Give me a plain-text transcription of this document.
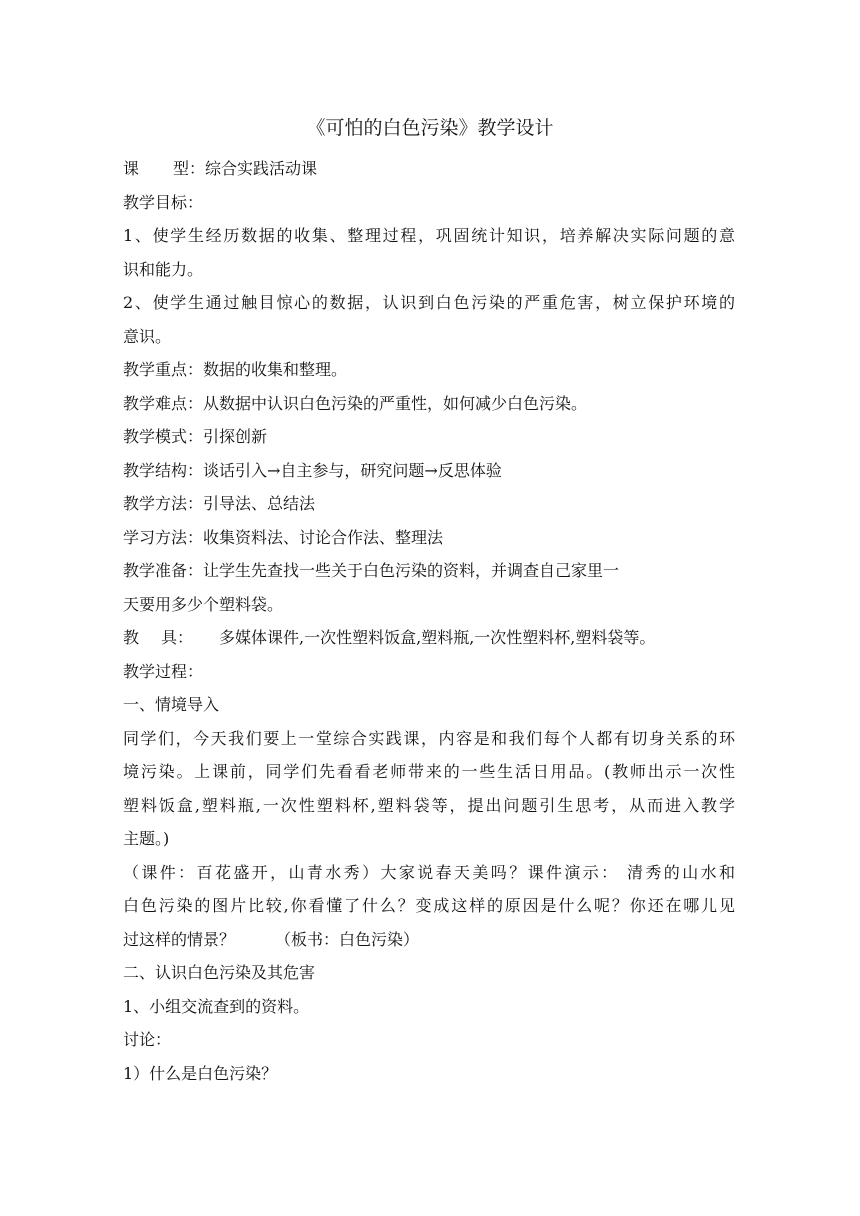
《可怕的白色污染》教学设计
课 型：综合实践活动课
教学目标：
1、使学生经历数据的收集、整理过程，巩固统计知识，培养解决实际问题的意
识和能力。
2、使学生通过触目惊心的数据，认识到白色污染的严重危害，树立保护环境的
意识。
教学重点：数据的收集和整理。
教学难点：从数据中认识白色污染的严重性，如何减少白色污染。
教学模式：引探创新
教学结构：谈话引入→自主参与，研究问题→反思体验
教学方法：引导法、总结法
学习方法：收集资料法、讨论合作法、整理法
教学准备：让学生先查找一些关于白色污染的资料，并调查自己家里一
天要用多少个塑料袋。
教 具： 多媒体课件,一次性塑料饭盒,塑料瓶,一次性塑料杯,塑料袋等。
教学过程：
一、情境导入
同学们，今天我们要上一堂综合实践课，内容是和我们每个人都有切身关系的环
境污染。上课前，同学们先看看老师带来的一些生活日用品。(教师出示一次性
塑料饭盒,塑料瓶,一次性塑料杯,塑料袋等，提出问题引生思考，从而进入教学
主题。)
（课件：百花盛开，山青水秀）大家说春天美吗？课件演示： 清秀的山水和
白色污染的图片比较,你看懂了什么？变成这样的原因是什么呢？你还在哪儿见
过这样的情景？	（板书：白色污染）
二、认识白色污染及其危害
1、小组交流查到的资料。
讨论：
1）什么是白色污染？
